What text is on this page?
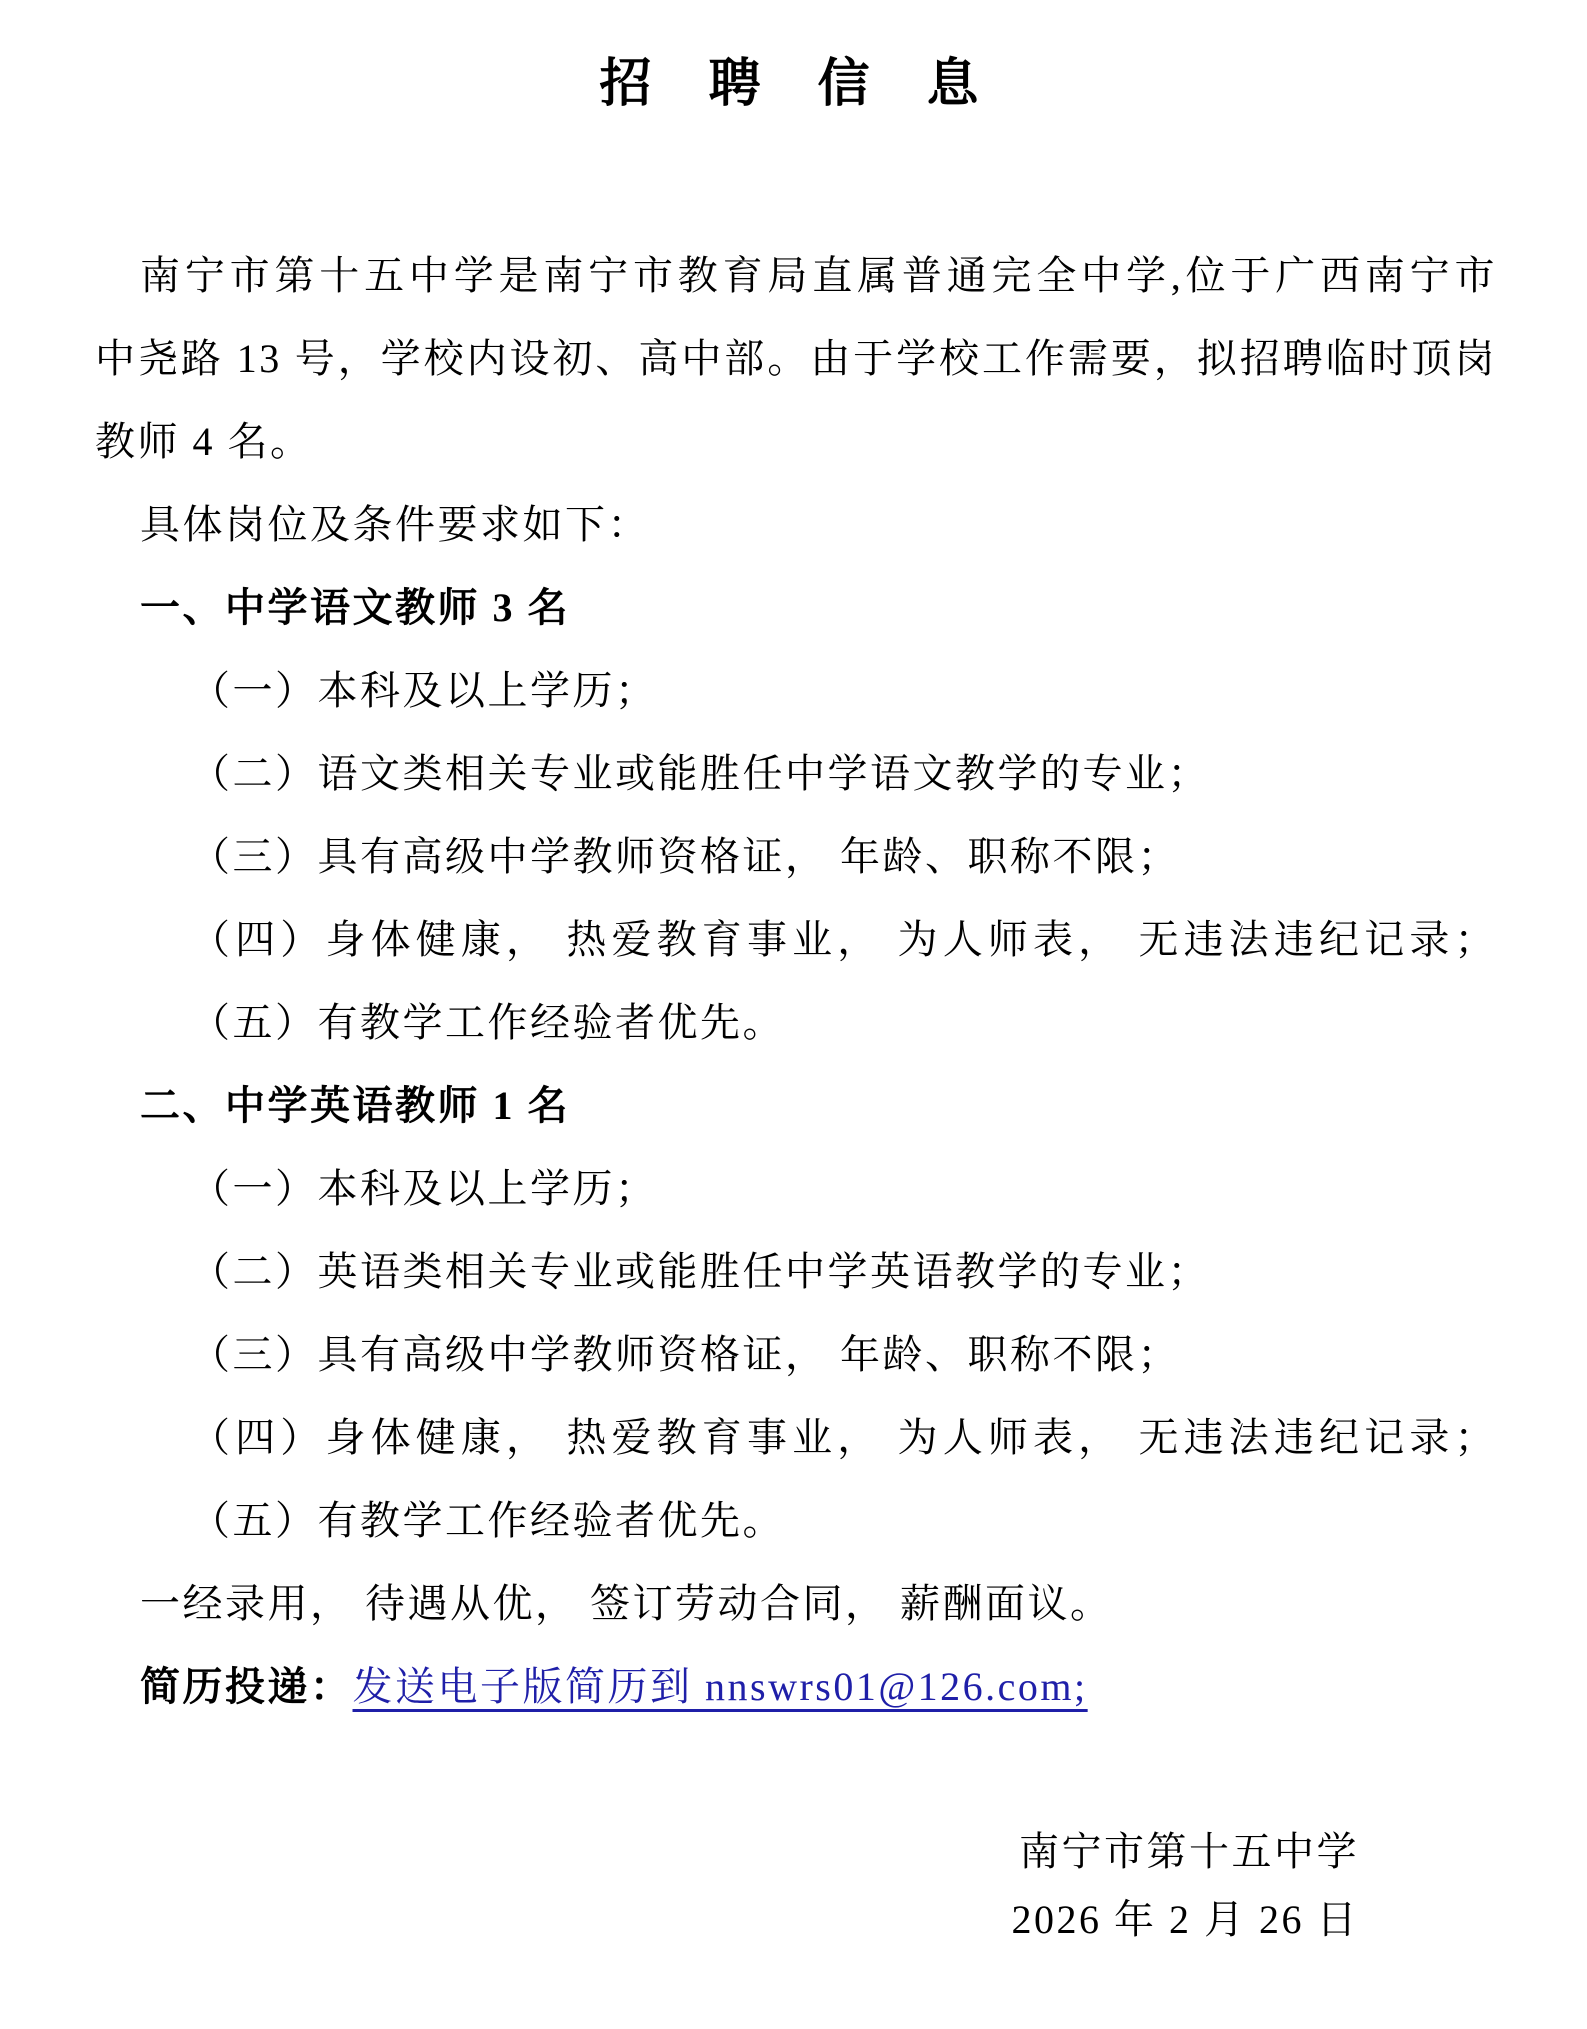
招 聘 信 息

南宁市第十五中学是南宁市教育局直属普通完全中学,位于广西南宁市

中尧路 13 号，学校内设初、高中部。由于学校工作需要，拟招聘临时顶岗

教师 4 名。

具体岗位及条件要求如下：

一、中学语文教师 3 名

（一）本科及以上学历；

（二）语文类相关专业或能胜任中学语文教学的专业；

（三）具有高级中学教师资格证， 年龄、职称不限；

（四）身体健康， 热爱教育事业， 为人师表， 无违法违纪记录；

（五）有教学工作经验者优先。

二、中学英语教师 1 名

（一）本科及以上学历；

（二）英语类相关专业或能胜任中学英语教学的专业；

（三）具有高级中学教师资格证， 年龄、职称不限；

（四）身体健康， 热爱教育事业， 为人师表， 无违法违纪记录；

（五）有教学工作经验者优先。

一经录用， 待遇从优， 签订劳动合同， 薪酬面议。

简历投递：发送电子版简历到 nnswrs01@126.com;

南宁市第十五中学

2026 年 2 月 26 日
